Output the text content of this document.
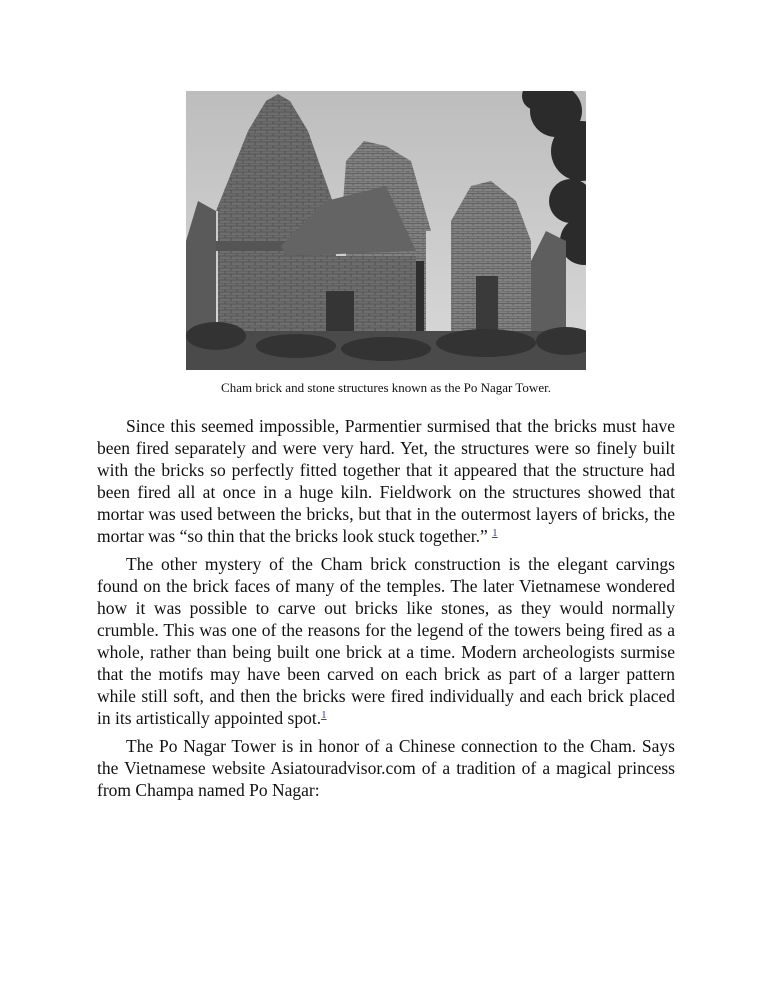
Cham brick and stone structures known as the Po Nagar Tower.

Since this seemed impossible, Parmentier surmised that the bricks must have been fired separately and were very hard. Yet, the structures were so finely built with the bricks so perfectly fitted together that it appeared that the structure had been fired all at once in a huge kiln. Fieldwork on the structures showed that mortar was used between the bricks, but that in the outermost layers of bricks, the mortar was “so thin that the bricks look stuck together.” $^1$

The other mystery of the Cham brick construction is the elegant carvings found on the brick faces of many of the temples. The later Vietnamese wondered how it was possible to carve out bricks like stones, as they would normally crumble. This was one of the reasons for the legend of the towers being fired as a whole, rather than being built one brick at a time. Modern archeologists surmise that the motifs may have been carved on each brick as part of a larger pattern while still soft, and then the bricks were fired individually and each brick placed in its artistically appointed spot.$^1$

The Po Nagar Tower is in honor of a Chinese connection to the Cham. Says the Vietnamese website Asiatouradvisor.com of a tradition of a magical princess from Champa named Po Nagar:
